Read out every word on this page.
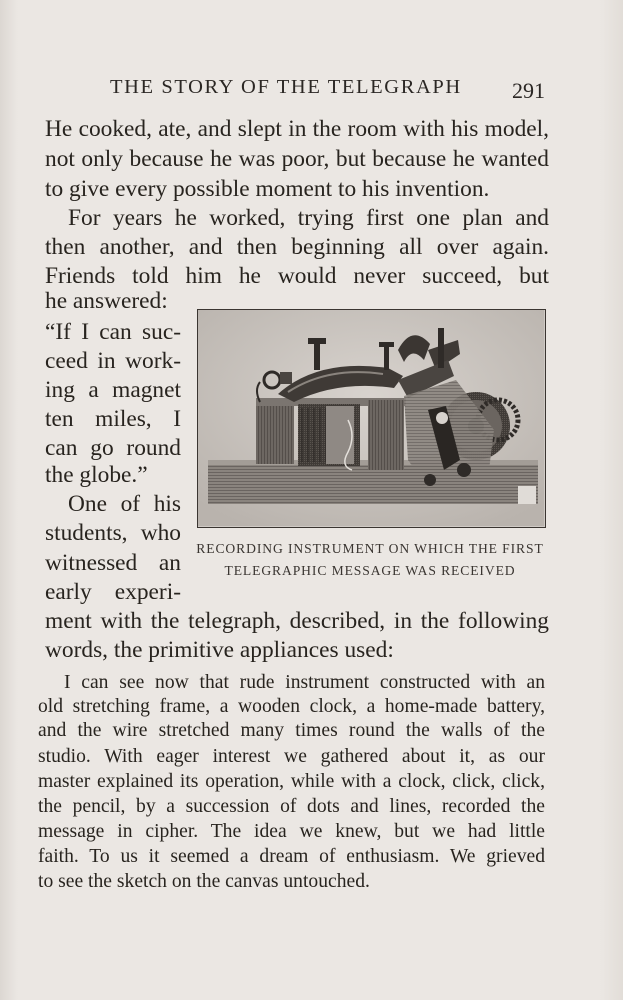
THE STORY OF THE TELEGRAPH 291
He cooked, ate, and slept in the room with his model,
not only because he was poor, but because he wanted
to give every possible moment to his invention.
For years he worked, trying first one plan and
then another, and then beginning all over again.
Friends told him he would never succeed, but
he answered:
“If I can suc-
ceed in work-
ing a magnet
ten miles, I
can go round
the globe.”
One of his
students, who
witnessed an
early experi-
ment with the telegraph, described, in the following
words, the primitive appliances used:
RECORDING INSTRUMENT ON WHICH THE FIRST
TELEGRAPHIC MESSAGE WAS RECEIVED
I can see now that rude instrument constructed with an
old stretching frame, a wooden clock, a home-made battery,
and the wire stretched many times round the walls of the
studio. With eager interest we gathered about it, as our
master explained its operation, while with a clock, click, click,
the pencil, by a succession of dots and lines, recorded the
message in cipher. The idea we knew, but we had little
faith. To us it seemed a dream of enthusiasm. We grieved
to see the sketch on the canvas untouched.
